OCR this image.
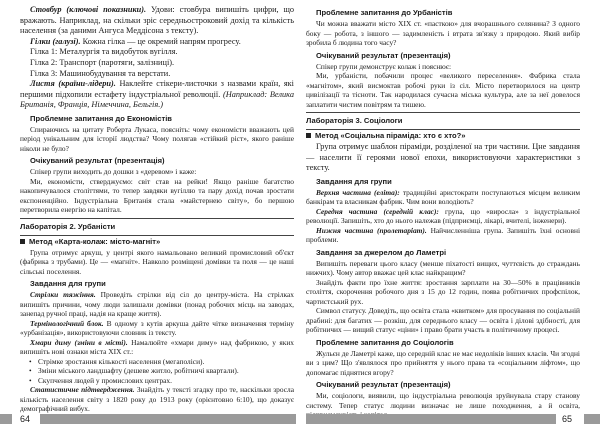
Стовбур (ключові показники). Удови: стовбура випишіть цифри, що вражають. Наприклад, на скільки зріс середньостроковий дохід та кількість населення (за даними Ангуса Меддісона з тексту).

Гілки (галузі). Кожна гілка — це окремий напрям прогресу.

Гілка 1: Металургія та видобуток вугілля.

Гілка 2: Транспорт (паротяги, залізниці).

Гілка 3: Машинобудування та верстати.

Листя (країни-лідери). Наклейте стікери-листочки з назвами країн, які першими підхопили естафету індустріальної революції. (Наприклад: Велика Британія, Франція, Німеччина, Бельгія.)

Проблемне запитання до Економістів

Спираючись на цитату Роберта Лукаса, поясніть: чому економісти вважають цей період унікальним для історії людства? Чому полягав «стійкий ріст», якого раніше ніколи не було?

Очікуваний результат (презентація)

Спікер групи виходить до дошки з «деревом» і каже:

Ми, економісти, стверджуємо: світ став на рейки! Якщо раніше багатство накопичувалося століттями, то тепер завдяки вугіллю та пару дохід почав зростати експоненційно. Індустріальна Британія стала «майстернею світу», бо першою перетворила енергію на капітал.

Лабораторія 2. Урбаністи
Метод «Карта-колаж: місто-магніт»

Група отримує аркуш, у центрі якого намальовано великий промисловий об'єкт (фабрика з трубами). Це — «магніт». Навколо розміщені домівки та поля — це наші сільські поселення.

Завдання для групи

Стрілки тяжіння. Проведіть стрілки від сіл до центру-міста. На стрілках випишіть причини, чому люди залишали домівки (понад робочих місць на заводах, занепад ручної праці, надія на краще життя).

Термінологічний блок. В одному з кутів аркуша дайте чітке визначення терміну «урбанізація», використовуючи словник із тексту.

Хмари диму (зміни в місті). Намалюйте «хмари диму» над фабрикою, у яких випишіть нові ознаки міста XIX ст.:

• Стрімке зростання кількості населення (мегаполіси).

• Зміни міського ландшафту (дешеве житло, робітничі квартали).

• Скупчення людей у промислових центрах.

Статистичне підтвердження. Знайдіть у тексті згадку про те, наскільки зросла кількість населення світу з 1820 року до 1913 року (орієнтовно 6:10), що доказує демографічний вибух.

Проблемне запитання до Урбаністів

Чи можна вважати місто XIX ст. «пасткою» для вчорашнього селянина? З одного боку — робота, з іншого — задимленість і втрата зв'язку з природою. Який вибір зробила б людина того часу?

Очікуваний результат (презентація)

Спікер групи демонструє колаж і пояснює:

Ми, урбаністи, побачили процес «великого переселення». Фабрика стала «магнітом», який висмоктав робочі руки із сіл. Місто перетворилося на центр цивілізації та тісноти. Так народилася сучасна міська культура, але за неї довелося заплатити чистим повітрям та тишею.

Лабораторія 3. Соціологи
Метод «Соціальна піраміда: хто є хто?»

Група отримує шаблон піраміди, розділеної на три частини. Цне завдання — населити її героями нової епохи, використовуючи характеристики з тексту.

Завдання для групи

Верхня частина (еліта): традиційні аристократи поступаються місцем великим банкірам та власникам фабрик. Чим вони володіють?

Середня частина (середній клас): група, що «виросла» з індустріальної революції. Запишіть, хто до нього належав (підприємці, лікарі, вчителі, інженери).

Нижня частина (пролетаріат). Найчисленніша група. Запишіть їхні основні проблеми.

Завдання за джерелом до Ламетрі

Випишіть переваги цього класу (менше піхатості вищих, чуттєвість до страждань нижчих). Чому автор вважає цей клас найкращим?

Знайдіть факти про їхне життя: зростання зарплати на 30—50% в працівників століття, скорочення робочого дня з 15 до 12 годин, поява робітничих профспілок, чартистський рух.

Символ статусу. Доведіть, що освіта стала «квитком» для просування по соціальній драбині: для багатих — розкіш, для середнього класу — освіта і ділові здібності, для робітничих — вищий статус «ціни» і право брати участь в політичному процесі.

Проблемне запитання до Соціологів

Жульєн де Ламетрі каже, що середній клас не має недоліків інших класів. Чи згодні ви з цим? Що з'являлося про прийняття у нього права та «соціальним ліфтом», що допомагає піднятися вгору?

Очікуваний результат (презентація)

Ми, соціологи, виявили, що індустріальна революція зруйнувала стару станову систему. Тепер статус людини визначає не лише походження, а й освіта,

64	65
